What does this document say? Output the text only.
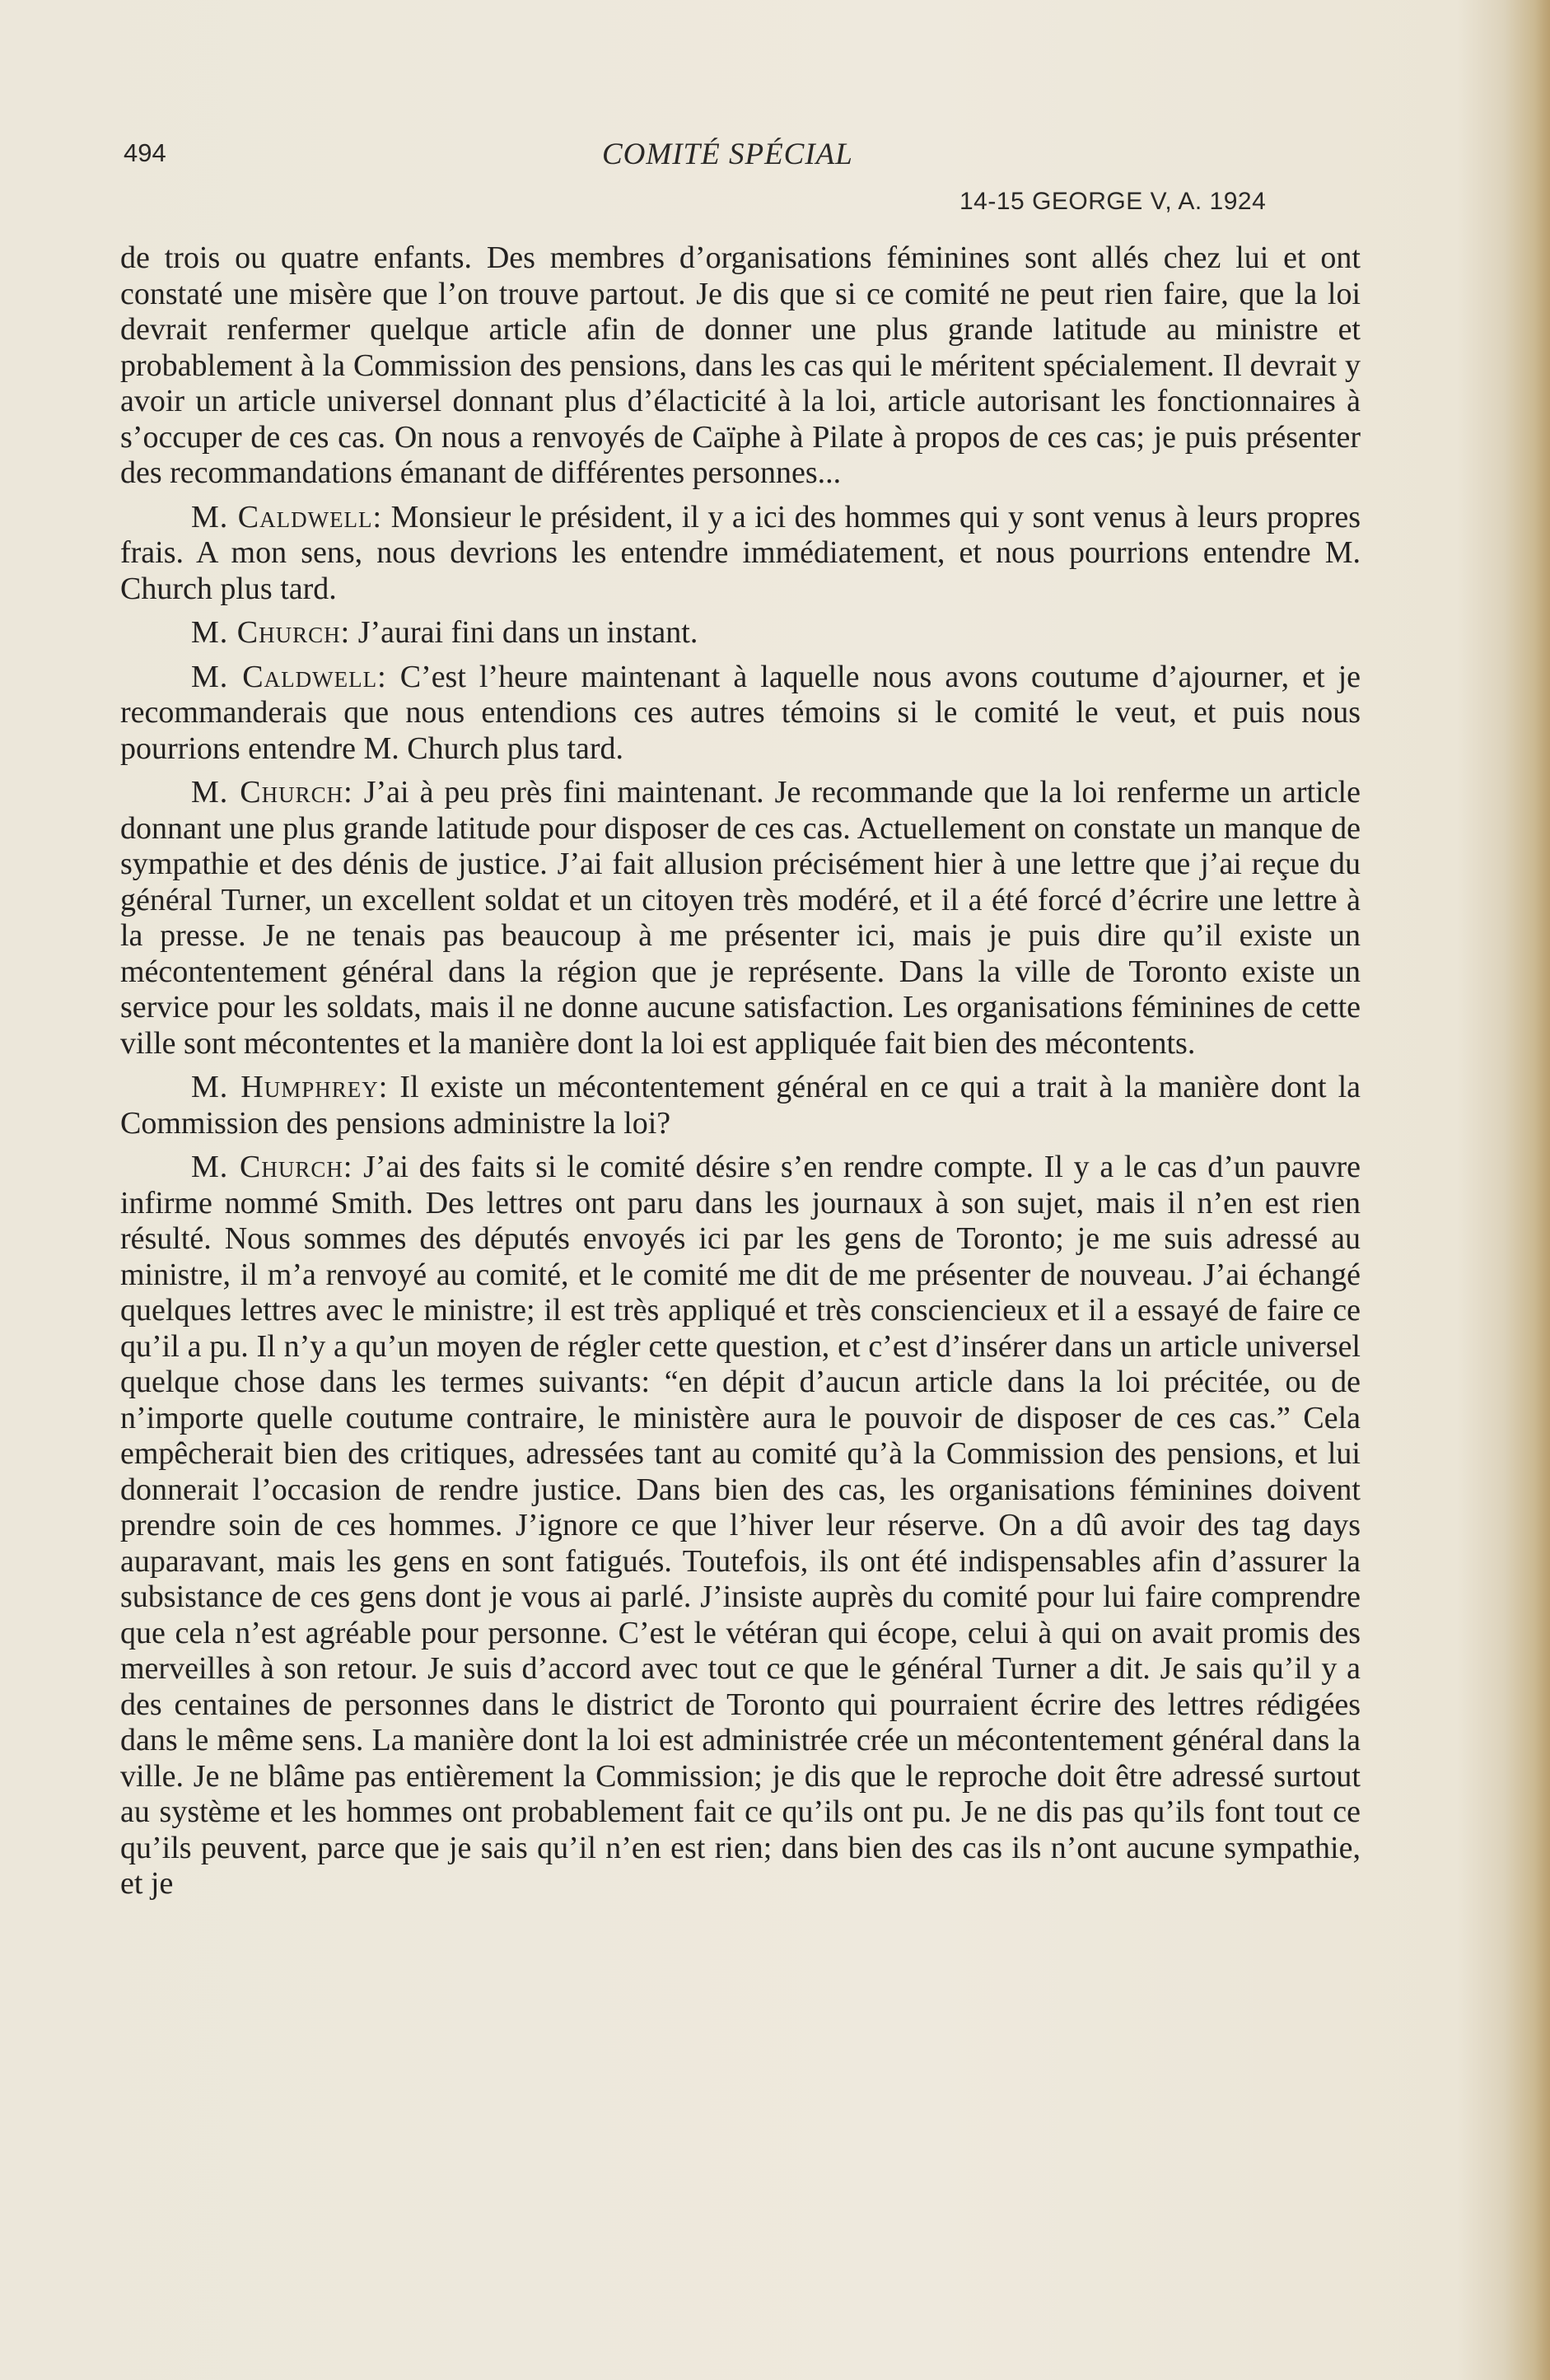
494	COMITÉ SPÉCIAL
14-15 GEORGE V, A. 1924

de trois ou quatre enfants. Des membres d’organisations féminines sont allés chez lui et ont constaté une misère que l’on trouve partout. Je dis que si ce comité ne peut rien faire, que la loi devrait renfermer quelque article afin de donner une plus grande latitude au ministre et probablement à la Commission des pensions, dans les cas qui le méritent spécialement. Il devrait y avoir un article universel donnant plus d’élacticité à la loi, article autorisant les fonctionnaires à s’occuper de ces cas. On nous a renvoyés de Caïphe à Pilate à propos de ces cas; je puis présenter des recommandations émanant de différentes personnes...

M. Caldwell: Monsieur le président, il y a ici des hommes qui y sont venus à leurs propres frais. A mon sens, nous devrions les entendre immédiatement, et nous pourrions entendre M. Church plus tard.

M. Church: J’aurai fini dans un instant.

M. Caldwell: C’est l’heure maintenant à laquelle nous avons coutume d’ajourner, et je recommanderais que nous entendions ces autres témoins si le comité le veut, et puis nous pourrions entendre M. Church plus tard.

M. Church: J’ai à peu près fini maintenant. Je recommande que la loi renferme un article donnant une plus grande latitude pour disposer de ces cas. Actuellement on constate un manque de sympathie et des dénis de justice. J’ai fait allusion précisément hier à une lettre que j’ai reçue du général Turner, un excellent soldat et un citoyen très modéré, et il a été forcé d’écrire une lettre à la presse. Je ne tenais pas beaucoup à me présenter ici, mais je puis dire qu’il existe un mécontentement général dans la région que je représente. Dans la ville de Toronto existe un service pour les soldats, mais il ne donne aucune satisfaction. Les organisations féminines de cette ville sont mécontentes et la manière dont la loi est appliquée fait bien des mécontents.

M. Humphrey: Il existe un mécontentement général en ce qui a trait à la manière dont la Commission des pensions administre la loi?

M. Church: J’ai des faits si le comité désire s’en rendre compte. Il y a le cas d’un pauvre infirme nommé Smith. Des lettres ont paru dans les journaux à son sujet, mais il n’en est rien résulté. Nous sommes des députés envoyés ici par les gens de Toronto; je me suis adressé au ministre, il m’a renvoyé au comité, et le comité me dit de me présenter de nouveau. J’ai échangé quelques lettres avec le ministre; il est très appliqué et très consciencieux et il a essayé de faire ce qu’il a pu. Il n’y a qu’un moyen de régler cette question, et c’est d’insérer dans un article universel quelque chose dans les termes suivants: “en dépit d’aucun article dans la loi précitée, ou de n’importe quelle coutume contraire, le ministère aura le pouvoir de disposer de ces cas.” Cela empêcherait bien des critiques, adressées tant au comité qu’à la Commission des pensions, et lui donnerait l’occasion de rendre justice. Dans bien des cas, les organisations féminines doivent prendre soin de ces hommes. J’ignore ce que l’hiver leur réserve. On a dû avoir des tag days auparavant, mais les gens en sont fatigués. Toutefois, ils ont été indispensables afin d’assurer la subsistance de ces gens dont je vous ai parlé. J’insiste auprès du comité pour lui faire comprendre que cela n’est agréable pour personne. C’est le vétéran qui écope, celui à qui on avait promis des merveilles à son retour. Je suis d’accord avec tout ce que le général Turner a dit. Je sais qu’il y a des centaines de personnes dans le district de Toronto qui pourraient écrire des lettres rédigées dans le même sens. La manière dont la loi est administrée crée un mécontentement général dans la ville. Je ne blâme pas entièrement la Commission; je dis que le reproche doit être adressé surtout au système et les hommes ont probablement fait ce qu’ils ont pu. Je ne dis pas qu’ils font tout ce qu’ils peuvent, parce que je sais qu’il n’en est rien; dans bien des cas ils n’ont aucune sympathie, et je
